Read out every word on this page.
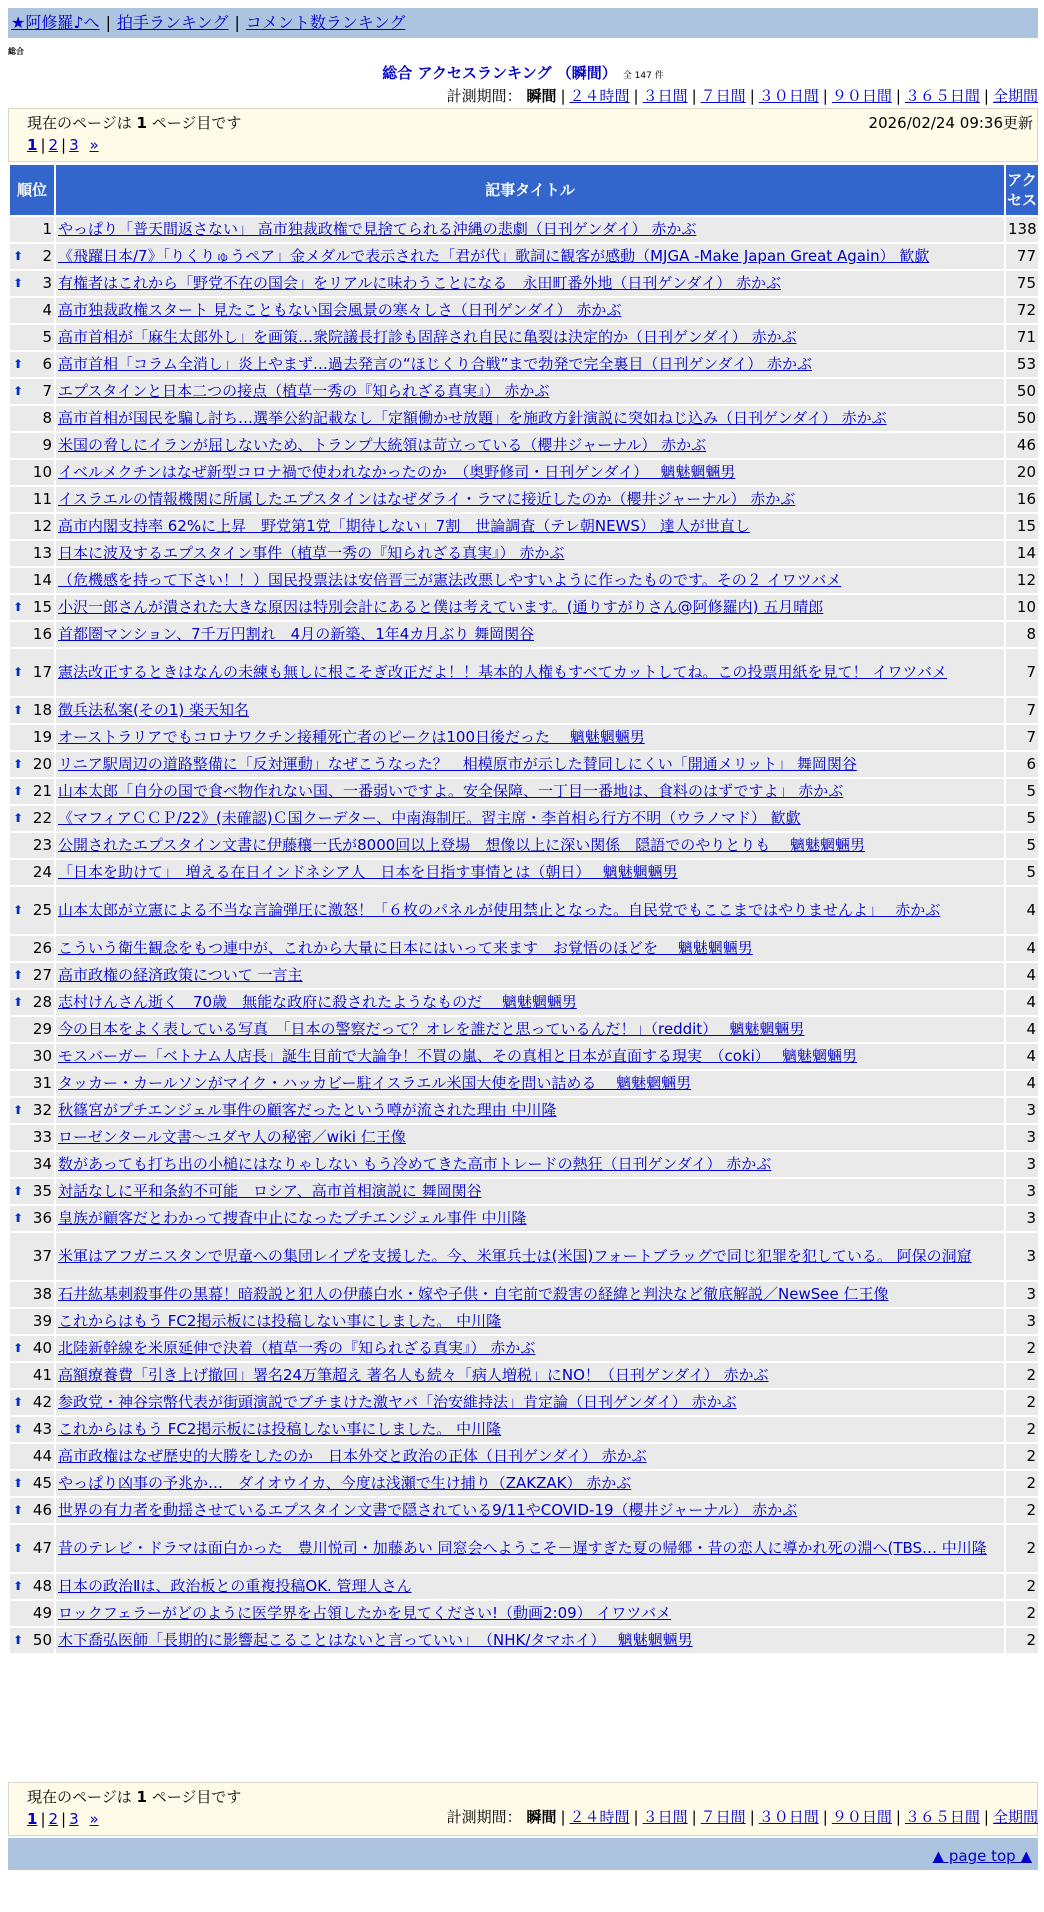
★阿修羅♪へ | 拍手ランキング | コメント数ランキング
総合
総合 アクセスランキング （瞬間） 全 147 件
計測期間： 瞬間 | ２４時間 | ３日間 | ７日間 | ３０日間 | ９０日間 | ３６５日間 | 全期間
現在のページは 1 ページ目です	2026/02/24 09:36更新
1 | 2 | 3 »
順位	記事タイトル	アクセス
1	やっぱり「普天間返さない」 高市独裁政権で見捨てられる沖縄の悲劇（日刊ゲンダイ） 赤かぶ	138

⬆ 2	《飛躍日本/7》「りくりゅうペア」金メダルで表示された「君が代」歌詞に観客が感動（MJGA -Make Japan Great Again） 歓歔	77

⬆ 3	有権者はこれから「野党不在の国会」をリアルに味わうことになる　永田町番外地（日刊ゲンダイ） 赤かぶ	75
4	高市独裁政権スタート 見たこともない国会風景の寒々しさ（日刊ゲンダイ） 赤かぶ	72
5	高市首相が「麻生太郎外し」を画策…衆院議長打診も固辞され自民に亀裂は決定的か（日刊ゲンダイ） 赤かぶ	71

⬆ 6	高市首相「コラム全消し」炎上やまず…過去発言の“ほじくり合戦”まで勃発で完全裏目（日刊ゲンダイ） 赤かぶ	53

⬆ 7	エプスタインと日本二つの接点（植草一秀の『知られざる真実』） 赤かぶ	50
8	高市首相が国民を騙し討ち…選挙公約記載なし「定額働かせ放題」を施政方針演説に突如ねじ込み（日刊ゲンダイ） 赤かぶ	50
9	米国の脅しにイランが屈しないため、トランプ大統領は苛立っている（櫻井ジャーナル） 赤かぶ	46
10	イベルメクチンはなぜ新型コロナ禍で使われなかったのか　（奥野修司・日刊ゲンダイ）　 魑魅魍魎男	20
11	イスラエルの情報機関に所属したエプスタインはなぜダライ・ラマに接近したのか（櫻井ジャーナル） 赤かぶ	16
12	高市内閣支持率 62%に上昇　野党第1党「期待しない」7割　世論調査（テレ朝NEWS） 達人が世直し	15
13	日本に波及するエプスタイン事件（植草一秀の『知られざる真実』） 赤かぶ	14
14	（危機感を持って下さい！！）国民投票法は安倍晋三が憲法改悪しやすいように作ったものです。その２ イワツバメ	12

⬆ 15	小沢一郎さんが潰された大きな原因は特別会計にあると僕は考えています。(通りすがりさん@阿修羅内) 五月晴郎	10
16	首都圏マンション、7千万円割れ　4月の新築、1年4カ月ぶり 舞岡関谷	8

⬆ 17	憲法改正するときはなんの未練も無しに根こそぎ改正だよ！！基本的人権もすべてカットしてね。この投票用紙を見て！ イワツバメ	7

⬆ 18	徴兵法私案(その1) 楽天知名	7
19	オーストラリアでもコロナワクチン接種死亡者のピークは100日後だった　 魑魅魍魎男	7

⬆ 20	リニア駅周辺の道路整備に「反対運動」なぜこうなった？　相模原市が示した賛同しにくい「開通メリット」 舞岡関谷	6

⬆ 21	山本太郎「自分の国で食べ物作れない国、一番弱いですよ。安全保障、一丁目一番地は、食料のはずですよ」 赤かぶ	5

⬆ 22	《マフィアＣＣＰ/22》(未確認)Ｃ国クーデター、中南海制圧。習主席・李首相ら行方不明（ウラノマド） 歓歔	5
23	公開されたエプスタイン文書に伊藤穰一氏が8000回以上登場　想像以上に深い関係　隠語でのやりとりも　 魑魅魍魎男	5
24	「日本を助けて」　増える在日インドネシア人　日本を目指す事情とは（朝日）　 魑魅魍魎男	5

⬆ 25	山本太郎が立憲による不当な言論弾圧に激怒！「６枚のパネルが使用禁止となった。自民党でもここまではやりませんよ」　 赤かぶ	4
26	こういう衛生観念をもつ連中が、これから大量に日本にはいって来ます　お覚悟のほどを　 魑魅魍魎男	4

⬆ 27	高市政権の経済政策について 一言主	4

⬆ 28	志村けんさん逝く　70歳　無能な政府に殺されたようなものだ　 魑魅魍魎男	4
29	今の日本をよく表している写真　「日本の警察だって？オレを誰だと思っているんだ！」（reddit）　 魑魅魍魎男	4
30	モスバーガー「ベトナム人店長」誕生目前で大論争！不買の嵐、その真相と日本が直面する現実　（coki）　 魑魅魍魎男	4
31	タッカー・カールソンがマイク・ハッカビー駐イスラエル米国大使を問い詰める　 魑魅魍魎男	4

⬆ 32	秋篠宮がプチエンジェル事件の顧客だったという噂が流された理由 中川隆	3
33	ローゼンタール文書～ユダヤ人の秘密／wiki 仁王像	3
34	数があっても打ち出の小槌にはなりゃしない もう冷めてきた高市トレードの熱狂（日刊ゲンダイ） 赤かぶ	3

⬆ 35	対話なしに平和条約不可能　ロシア、高市首相演説に 舞岡関谷	3

⬆ 36	皇族が顧客だとわかって捜査中止になったプチエンジェル事件 中川隆	3
37	米軍はアフガニスタンで児童への集団レイプを支援した。今、米軍兵士は(米国)フォートブラッグで同じ犯罪を犯している。 阿保の洞窟	3
38	石井紘基刺殺事件の黒幕！暗殺説と犯人の伊藤白水・嫁や子供・自宅前で殺害の経緯と判決など徹底解説／NewSee 仁王像	3
39	これからはもう FC2掲示板には投稿しない事にしました。 中川隆	3

⬆ 40	北陸新幹線を米原延伸で決着（植草一秀の『知られざる真実』） 赤かぶ	2
41	高額療養費「引き上げ撤回」署名24万筆超え 著名人も続々「病人増税」にNO！（日刊ゲンダイ） 赤かぶ	2

⬆ 42	参政党・神谷宗幣代表が街頭演説でブチまけた激ヤバ「治安維持法」肯定論（日刊ゲンダイ） 赤かぶ	2

⬆ 43	これからはもう FC2掲示板には投稿しない事にしました。 中川隆	2
44	高市政権はなぜ歴史的大勝をしたのか　日本外交と政治の正体（日刊ゲンダイ） 赤かぶ	2

⬆ 45	やっぱり凶事の予兆か…　ダイオウイカ、今度は浅瀬で生け捕り（ZAKZAK） 赤かぶ	2

⬆ 46	世界の有力者を動揺させているエプスタイン文書で隠されている9/11やCOVID-19（櫻井ジャーナル） 赤かぶ	2

⬆ 47	昔のテレビ・ドラマは面白かった＿豊川悦司・加藤あい 同窓会へようこそ－遅すぎた夏の帰郷・昔の恋人に導かれ死の淵へ(TBS… 中川隆	2

⬆ 48	日本の政治Ⅱは、政治板との重複投稿OK. 管理人さん	2
49	ロックフェラーがどのように医学界を占領したかを見てください!（動画2:09） イワツバメ	2

⬆ 50	木下喬弘医師「長期的に影響起こることはないと言っていい」　（NHK/タマホイ）　 魑魅魍魎男	2
現在のページは 1 ページ目です
1 | 2 | 3 »	計測期間： 瞬間 | ２４時間 | ３日間 | ７日間 | ３０日間 | ９０日間 | ３６５日間 | 全期間
▲ page top ▲
